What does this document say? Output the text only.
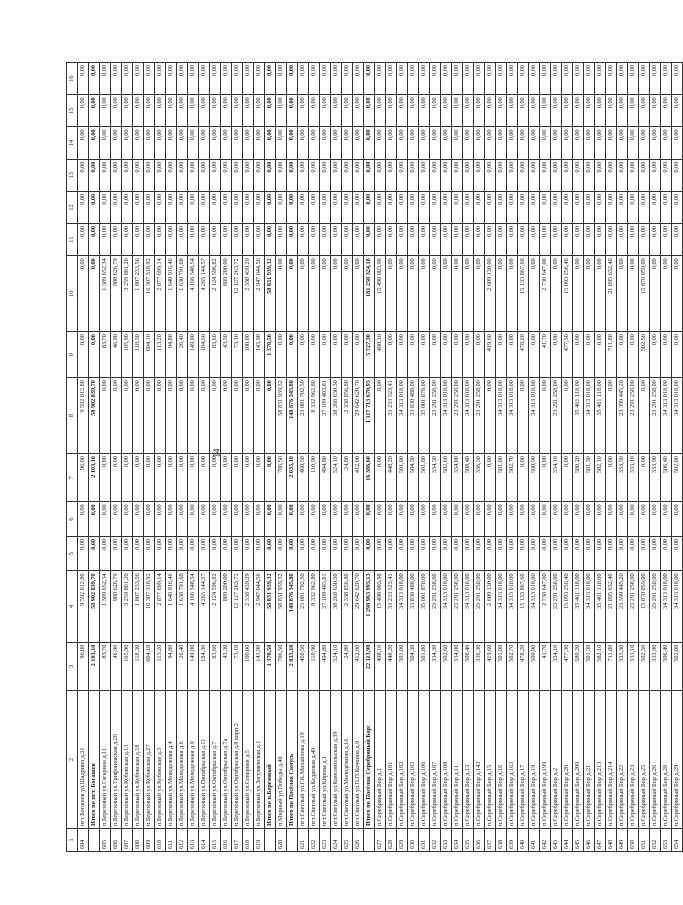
14
1	2	3	4	5	6	7	8	9	10	11	12	13	14	15	16
604	пгт Богашев ул.Шадрина д.31	96,00	9 592 012,80	0,00	0,00	96,00	9 592 012,80	0,00	0,00	0,00	0,00	0,00	0,00	0,00	0,00
	Итого по пгт. Богашев	2 103,10	58 902 839,70	0,00	0,00	2 103,10	58 902 839,70	0,00	0,00	0,00	0,00	0,00	0,00	0,00	0,00
605	п.Березовый ул.Гагарина д.11	83,70	1 389 652,34	0,00	0,00	0,00	0,00	83,70	1 389 652,34	0,00	0,00	0,00	0,00	0,00	0,00
606	п.Березовый ул.Трифоновская д.26	46,90	988 626,79	0,00	0,00	0,00	0,00	46,90	988 626,79	0,00	0,00	0,00	0,00	0,00	0,00
607	п.Березовый ул.Кубовская д.13	105,90	3 259 801,20	0,00	0,00	0,00	0,00	105,90	3 259 801,20	0,00	0,00	0,00	0,00	0,00	0,00
608	п.Березовый ул.Кубовская д.18	118,30	1 807 233,56	0,00	0,00	0,00	0,00	118,30	1 807 233,56	0,00	0,00	0,00	0,00	0,00	0,00
609	п.Березовый ул.Кубовская д.27	604,10	16 307 318,92	0,00	0,00	0,00	0,00	604,10	16 307 318,92	0,00	0,00	0,00	0,00	0,00	0,00
610	п.Березовый ул.Кубовская д.3	113,20	2 877 699,14	0,00	0,00	0,00	0,00	113,20	2 877 699,14	0,00	0,00	0,00	0,00	0,00	0,00
611	п.Березовый ул.Молодежная д.4	94,80	1 640 916,46	0,00	0,00	0,00	0,00	94,80	1 640 916,46	0,00	0,00	0,00	0,00	0,00	0,00
612	п.Березовый ул.Молодежная д.6	26,40	1 630 791,68	0,00	0,00	0,00	0,00	26,40	1 630 791,68	0,00	0,00	0,00	0,00	0,00	0,00
613	п.Березовый ул.Молодежная д.9	149,00	4 166 348,54	0,00	0,00	0,00	0,00	149,00	4 166 348,54	0,00	0,00	0,00	0,00	0,00	0,00
614	п.Березовый ул.Октябрьская д.11	184,30	4 265 144,57	0,00	0,00	0,00	0,00	184,30	4 265 144,57	0,00	0,00	0,00	0,00	0,00	0,00
615	п.Березовый ул.Октябрьская д.7	83,60	2 124 596,82	0,00	0,00	0,00	0,00	83,60	2 124 596,82	0,00	0,00	0,00	0,00	0,00	0,00
616	п.Березовый ул.Октябрьская д.7а	43,30	889 200,00	0,00	0,00	0,00	0,00	43,30	889 200,00	0,00	0,00	0,00	0,00	0,00	0,00
617	п.Березовый ул.Октябрьская д.8 корп.2	73,10	12 127 263,72	0,00	0,00	0,00	0,00	73,10	12 127 263,72	0,00	0,00	0,00	0,00	0,00	0,00
618	п.Березовый ул.Северная д.5	100,00	2 338 439,29	0,00	0,00	0,00	0,00	100,00	2 338 439,29	0,00	0,00	0,00	0,00	0,00	0,00
619	п.Березовый ул.Загуляевская д.1	143,90	2 947 044,56	0,00	0,00	0,00	0,00	143,90	2 947 044,56	0,00	0,00	0,00	0,00	0,00	0,00
	Итого по п.Березовый	1 370,50	58 831 939,32	0,00	0,00	0,00	0,00	1 370,50	58 831 939,32	0,00	0,00	0,00	0,00	0,00	0,00
620	п.Мирный ул.Победы д.40	706,50	58 831 939,32	0,00	0,00	706,50	58 831 939,32	0,00	0,00	0,00	0,00	0,00	0,00	0,00	0,00
	Итого по Посёлок Самусь	2 035,10	148 876 345,80	0,00	0,00	2 035,10	148 876 345,80	0,00	0,00	0,00	0,00	0,00	0,00	0,00	0,00
621	пгт.Светлый ул.Г.К.Михайлова д.19	460,50	23 081 702,50	0,00	0,00	460,50	23 081 702,50	0,00	0,00	0,00	0,00	0,00	0,00	0,00	0,00
622	пгт.Светлый ул.Кедровая д.49	110,90	8 332 962,80	0,00	0,00	110,90	8 332 962,80	0,00	0,00	0,00	0,00	0,00	0,00	0,00	0,00
623	пгт.Светлый ул.Кирова д.1	494,80	37 109 403,81	0,00	0,00	494,80	37 109 403,81	0,00	0,00	0,00	0,00	0,00	0,00	0,00	0,00
624	пгт.Светлый ул.Комсомольская д.39	524,10	38 268 630,30	0,00	0,00	524,10	38 268 630,30	0,00	0,00	0,00	0,00	0,00	0,00	0,00	0,00
625	пгт.Светлый ул.Молодёжная д.16	24,80	2 338 856,80	0,00	0,00	24,80	2 338 856,80	0,00	0,00	0,00	0,00	0,00	0,00	0,00	0,00
626	пгт.Светлый ул.П.П.Кочкина д.9	412,00	29 642 620,70	0,00	0,00	412,00	29 642 620,70	0,00	0,00	0,00	0,00	0,00	0,00	0,00	0,00
	Итого по Посёлок Серебряный Бор:	22 113,90	1 298 963 995,13	0,00	0,00	16 386,60	1 117 713 670,95	5 727,30	181 250 324,18	0,00	0,00	0,00	0,00	0,00	0,00
627	п.Серебряный Бор д.1	498,10	15 498 003,98	0,00	0,00	0,00	0,00	498,10	15 498 003,98	0,00	0,00	0,00	0,00	0,00	0,00
628	п.Серебряный Бор д.101	448,20	33 233 323,41	0,00	0,00	448,20	33 233 323,41	0,00	0,00	0,00	0,00	0,00	0,00	0,00	0,00
629	п.Серебряный Бор д.102	501,00	34 313 018,00	0,00	0,00	501,00	34 313 018,00	0,00	0,00	0,00	0,00	0,00	0,00	0,00	0,00
630	п.Серебряный Бор д.103	504,30	33 830 488,00	0,00	0,00	504,30	33 830 488,00	0,00	0,00	0,00	0,00	0,00	0,00	0,00	0,00
631	п.Серебряный Бор д.106	501,80	35 001 878,00	0,00	0,00	501,80	35 001 878,00	0,00	0,00	0,00	0,00	0,00	0,00	0,00	0,00
632	п.Серебряный Бор д.107	334,30	23 291 258,00	0,00	0,00	334,30	23 291 258,00	0,00	0,00	0,00	0,00	0,00	0,00	0,00	0,00
633	п.Серебряный Бор д.108	502,60	34 313 018,00	0,00	0,00	502,60	34 313 018,00	0,00	0,00	0,00	0,00	0,00	0,00	0,00	0,00
634	п.Серебряный Бор д.11	334,00	23 291 258,00	0,00	0,00	334,00	23 291 258,00	0,00	0,00	0,00	0,00	0,00	0,00	0,00	0,00
635	п.Серебряный Бор д.13	508,40	34 313 018,00	0,00	0,00	508,40	34 313 018,00	0,00	0,00	0,00	0,00	0,00	0,00	0,00	0,00
636	п.Серебряный Бор д.143	336,30	23 291 258,00	0,00	0,00	336,30	23 291 258,00	0,00	0,00	0,00	0,00	0,00	0,00	0,00	0,00
637	п.Серебряный Бор д.15	419,60	2 609 130,00	0,00	0,00	0,00	0,00	419,60	2 609 130,00	0,00	0,00	0,00	0,00	0,00	0,00
638	п.Серебряный Бор д.16	501,00	34 313 018,00	0,00	0,00	501,00	34 313 018,00	0,00	0,00	0,00	0,00	0,00	0,00	0,00	0,00
639	п.Серебряный Бор д.163	502,70	34 313 018,00	0,00	0,00	502,70	34 313 018,00	0,00	0,00	0,00	0,00	0,00	0,00	0,00	0,00
640	п.Серебряный Бор д.17	478,20	15 133 867,60	0,00	0,00	0,00	0,00	478,20	15 133 867,60	0,00	0,00	0,00	0,00	0,00	0,00
641	п.Серебряный Бор д.19	500,90	34 313 018,00	0,00	0,00	500,90	34 313 018,00	0,00	0,00	0,00	0,00	0,00	0,00	0,00	0,00
642	п.Серебряный Бор д.199	41,70	2 730 647,00	0,00	0,00	0,00	0,00	41,70	2 730 647,00	0,00	0,00	0,00	0,00	0,00	0,00
643	п.Серебряный Бор д.2	334,10	23 291 258,00	0,00	0,00	334,10	23 291 258,00	0,00	0,00	0,00	0,00	0,00	0,00	0,00	0,00
644	п.Серебряный Бор д.20	477,30	15 093 256,40	0,00	0,00	0,00	0,00	477,30	15 093 256,40	0,00	0,00	0,00	0,00	0,00	0,00
645	п.Серебряный Бор д.209	580,20	35 461 118,00	0,00	0,00	580,20	35 461 118,00	0,00	0,00	0,00	0,00	0,00	0,00	0,00	0,00
646	п.Серебряный Бор д.21	501,30	34 313 018,00	0,00	0,00	501,30	34 313 018,00	0,00	0,00	0,00	0,00	0,00	0,00	0,00	0,00
647	п.Серебряный Бор д.213	582,10	35 461 118,00	0,00	0,00	582,10	35 461 118,00	0,00	0,00	0,00	0,00	0,00	0,00	0,00	0,00
648	п.Серебряный Бор д.214	711,80	21 895 632,40	0,00	0,00	0,00	0,00	711,80	21 895 632,40	0,00	0,00	0,00	0,00	0,00	0,00
649	п.Серебряный Бор д.22	333,30	23 399 445,20	0,00	0,00	333,30	23 399 445,20	0,00	0,00	0,00	0,00	0,00	0,00	0,00	0,00
650	п.Серебряный Бор д.23	333,10	23 291 258,00	0,00	0,00	333,10	23 291 258,00	0,00	0,00	0,00	0,00	0,00	0,00	0,00	0,00
651	п.Серебряный Бор д.25	502,50	15 870 059,00	0,00	0,00	0,00	0,00	502,50	15 870 059,00	0,00	0,00	0,00	0,00	0,00	0,00
652	п.Серебряный Бор д.26	333,90	23 291 258,00	0,00	0,00	333,90	23 291 258,00	0,00	0,00	0,00	0,00	0,00	0,00	0,00	0,00
653	п.Серебряный Бор д.28	506,40	34 313 018,00	0,00	0,00	506,40	34 313 018,00	0,00	0,00	0,00	0,00	0,00	0,00	0,00	0,00
654	п.Серебряный Бор д.29	502,00	34 313 018,00	0,00	0,00	502,00	34 313 018,00	0,00	0,00	0,00	0,00	0,00	0,00	0,00	0,00
